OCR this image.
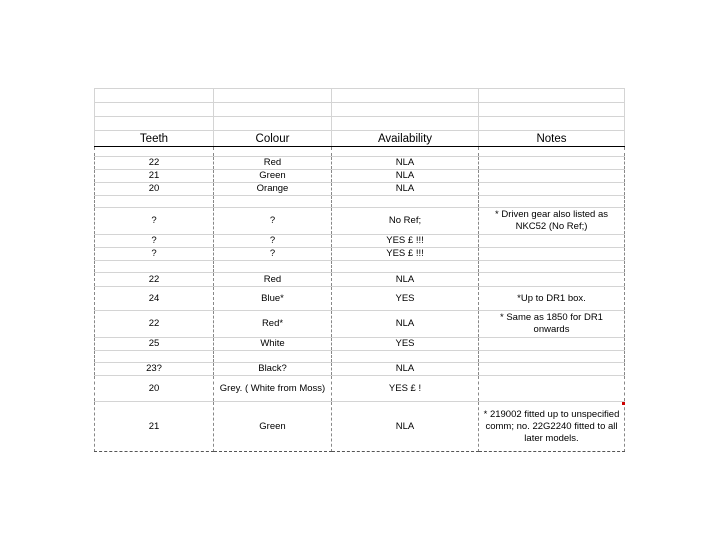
Teeth	Colour	Availability	Notes

22	Red	NLA	
21	Green	NLA	
20	Orange	NLA	

?	?	No Ref;	* Driven gear also listed as NKC52 (No Ref;)
?	?	YES £ !!!	
?	?	YES £ !!!	

22	Red	NLA	
24	Blue*	YES	*Up to DR1 box.
22	Red*	NLA	* Same as 1850 for DR1 onwards
25	White	YES	

23?	Black?	NLA	
20	Grey. ( White from Moss)	YES £ !	
21	Green	NLA	* 219002 fitted up to unspecified comm; no. 22G2240 fitted to all later models.
